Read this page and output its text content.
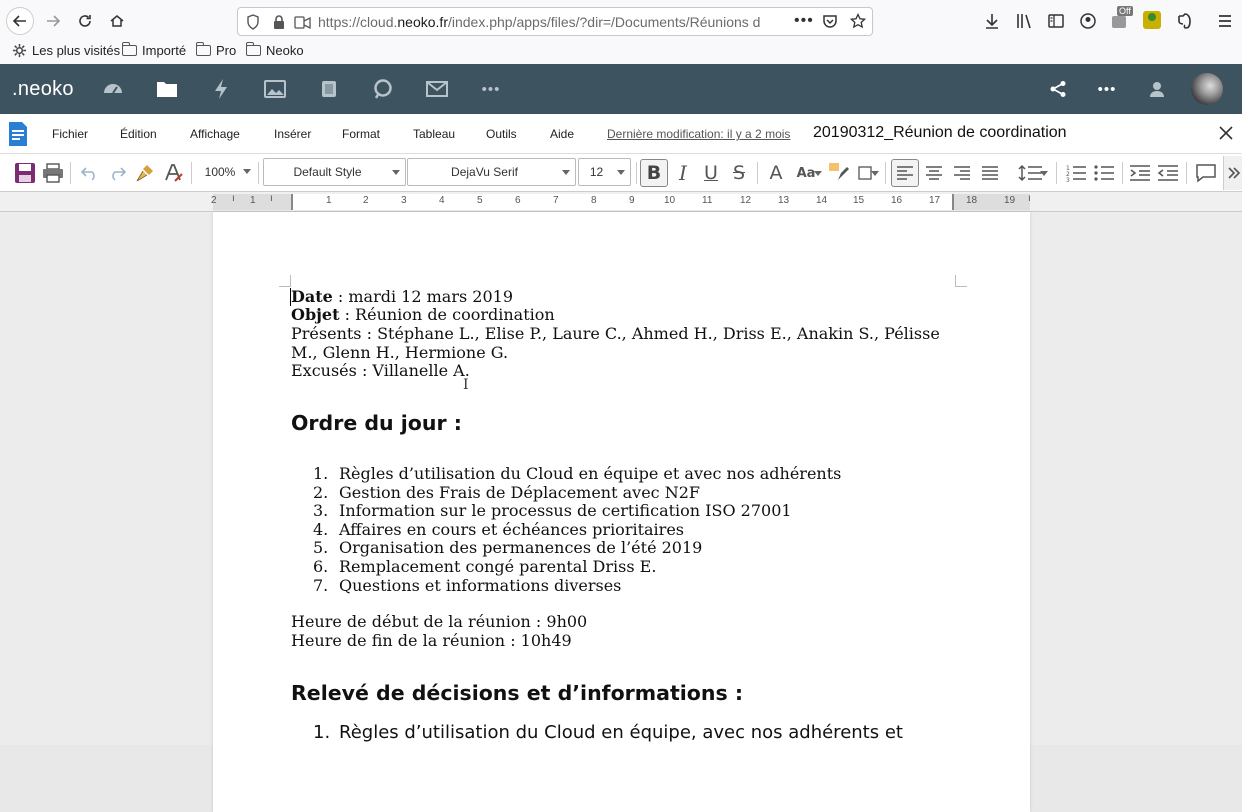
https://cloud.neoko.fr/index.php/apps/files/?dir=/Documents/Réunions d	•••
Off
Les plus visités Importé Pro Neoko
.neoko	•••	•••
Fichier	Édition	Affichage	Insérer	Format	Tableau	Outils	Aide	Dernière modification: il y a 2 mois 20190312_Réunion de coordination
100%	Default Style	DejaVu Serif	12 B I U S A Aa	1
2
3
2 ı 1 ı	1	2	3	4	5	6	7	8	9	10	11	12	13	14	15	16	17	18	19 ı
Date : mardi 12 mars 2019
Objet : Réunion de coordination
Présents : Stéphane L., Elise P., Laure C., Ahmed H., Driss E., Anakin S., Pélisse
M., Glenn H., Hermione G.
Excusés : Villanelle A.
I
Ordre du jour :
1. Règles d’utilisation du Cloud en équipe et avec nos adhérents
2. Gestion des Frais de Déplacement avec N2F
3. Information sur le processus de certification ISO 27001
4. Affaires en cours et échéances prioritaires
5. Organisation des permanences de l’été 2019
6. Remplacement congé parental Driss E.
7. Questions et informations diverses
Heure de début de la réunion : 9h00
Heure de fin de la réunion : 10h49
Relevé de décisions et d’informations :
1. Règles d’utilisation du Cloud en équipe, avec nos adhérents et
